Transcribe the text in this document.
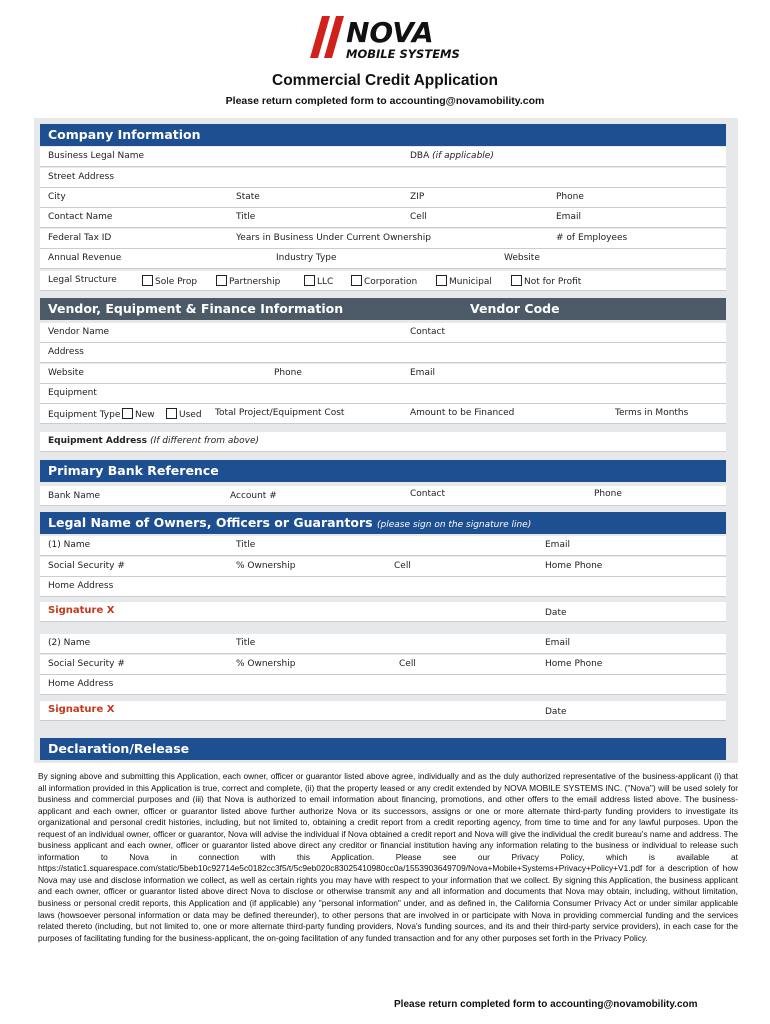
NOVA
MOBILE SYSTEMS
Commercial Credit Application
Please return completed form to accounting@novamobility.com
Company Information
Business Legal Name	DBA (if applicable)
Street Address
City	State	ZIP	Phone
Contact Name	Title	Cell	Email
Federal Tax ID	Years in Business Under Current Ownership	# of Employees
Annual Revenue	Industry Type	Website
Legal Structure	Sole Prop	Partnership	LLC	Corporation	Municipal	Not for Profit
Vendor, Equipment & Finance Information	Vendor Code
Vendor Name	Contact
Address
Website	Phone	Email
Equipment
Equipment Type	New	Used Total Project/Equipment Cost	Amount to be Financed	Terms in Months
Equipment Address (If different from above)
Primary Bank Reference
Bank Name	Account #	Contact	Phone
Legal Name of Owners, Officers or Guarantors (please sign on the signature line)
(1) Name	Title	Email
Social Security #	% Ownership	Cell	Home Phone
Home Address
Signature X	Date
(2) Name	Title	Email
Social Security #	% Ownership	Cell	Home Phone
Home Address
Signature X	Date
Declaration/Release
By signing above and submitting this Application, each owner, officer or guarantor listed above agree, individually and as the duly authorized representative of the business-applicant (i) that all information provided in this Application is true, correct and complete, (ii) that the property leased or any credit extended by NOVA MOBILE SYSTEMS INC. ("Nova") will be used solely for business and commercial purposes and (iii) that Nova is authorized to email information about financing, promotions, and other offers to the email address listed above. The business-applicant and each owner, officer or guarantor listed above further authorize Nova or its successors, assigns or one or more alternate third-party funding providers to investigate its organizational and personal credit histories, including, but not limited to, obtaining a credit report from a credit reporting agency, from time to time and for any lawful purposes. Upon the request of an individual owner, officer or guarantor, Nova will advise the individual if Nova obtained a credit report and Nova will give the individual the credit bureau's name and address. The business applicant and each owner, officer or guarantor listed above direct any creditor or financial institution having any information relating to the business or individual to release such information to Nova in connection with this Application. Please see our Privacy Policy, which is available at https://static1.squarespace.com/static/5beb10c92714e5c0182cc3f5/t/5c9eb020c83025410980cc0a/1553903649709/Nova+Mobile+Systems+Privacy+Policy+V1.pdf for a description of how Nova may use and disclose information we collect, as well as certain rights you may have with respect to your information that we collect. By signing this Application, the business applicant and each owner, officer or guarantor listed above direct Nova to disclose or otherwise transmit any and all information and documents that Nova may obtain, including, without limitation, business or personal credit reports, this Application and (if applicable) any "personal information" under, and as defined in, the California Consumer Privacy Act or under similar applicable laws (howsoever personal information or data may be defined thereunder), to other persons that are involved in or participate with Nova in providing commercial funding and the services related thereto (including, but not limited to, one or more alternate third-party funding providers, Nova's funding sources, and its and their third-party service providers), in each case for the purposes of facilitating funding for the business-applicant, the on-going facilitation of any funded transaction and for any other purposes set forth in the Privacy Policy.
Please return completed form to accounting@novamobility.com
